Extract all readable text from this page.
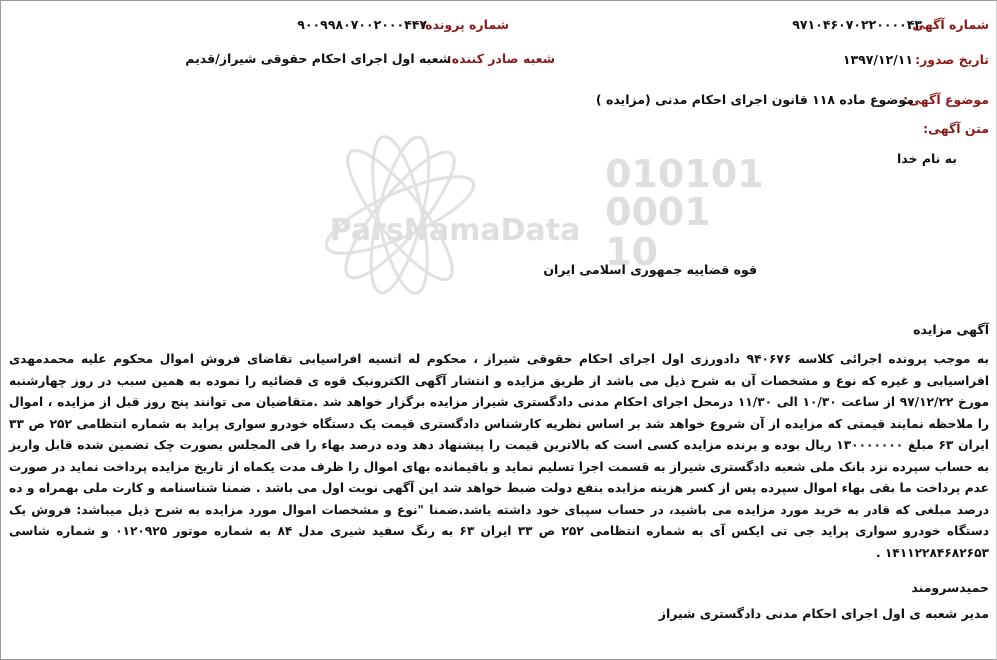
010101
0001
ParsNamaData 10
شماره آگهی:
۹۷۱۰۴۶۰۷۰۲۲۰۰۰۰۴۳
شماره پرونده:
۹۰۰۹۹۸۰۷۰۰۲۰۰۰۴۴۷
تاریخ صدور:
۱۳۹۷/۱۲/۱۱
شعبه صادر کننده:
شعبه اول اجرای احکام حقوقی شیراز/قدیم
موضوع آگهی:
موضوع ماده ۱۱۸ قانون اجرای احکام مدنی (مزایده )
متن آگهی:
به نام خدا
قوه قضاییه جمهوری اسلامی ایران
آگهی مزایده

به موجب پرونده اجرائی کلاسه ۹۴۰۶۷۶ دادورزی اول اجرای احکام حقوقی شیراز ، محکوم له اتسیه افراسیابی تقاضای فروش اموال محکوم علیه محمدمهدی افراسیابی و غیره که نوع و مشخصات آن به شرح ذیل می باشد از طریق مزایده و انتشار آگهی الکترونیک قوه ی قضائیه را نموده به همین سبب در روز چهارشنبه مورخ ۹۷/۱۲/۲۲ از ساعت ۱۰/۳۰ الی ۱۱/۳۰ درمحل اجرای احکام مدنی دادگستری شیراز مزایده برگزار خواهد شد .متقاضیان می توانند پنج روز قبل از مزایده ، اموال را ملاحظه نمایند قیمتی که مزایده از آن شروع خواهد شد بر اساس نظریه کارشناس دادگستری قیمت یک دستگاه خودرو سواری پراید به شماره انتظامی ۲۵۲ ص ۳۳ ایران ۶۳ مبلغ ۱۳۰۰۰۰۰۰۰ ریال بوده و برنده مزایده کسی است که بالاترین قیمت را پیشنهاد دهد وده درصد بهاء را فی المجلس بصورت چک تضمین شده قابل واریز به حساب سپرده نزد بانک ملی شعبه دادگستری شیراز به قسمت اجرا تسلیم نماید و باقیمانده بهای اموال را ظرف مدت یکماه از تاریخ مزایده پرداخت نماید در صورت عدم پرداخت ما بقی بهاء اموال سپرده پس از کسر هزینه مزایده بنفع دولت ضبط خواهد شد این آگهی نوبت اول می باشد . ضمنا شناسنامه و کارت ملی بهمراه و ده درصد مبلغی که قادر به خرید مورد مزایده می باشید، در حساب سپبای خود داشته باشد.ضمنا "نوع و مشخصات اموال مورد مزایده به شرح ذیل میباشد: فروش یک دستگاه خودرو سواری پراید جی تی ایکس آی به شماره انتظامی ۲۵۲ ص ۳۳ ایران ۶۳ به رنگ سفید شیری مدل ۸۴ به شماره موتور ۰۱۲۰۹۲۵ و شماره شاسی ۱۴۱۱۲۲۸۴۶۸۲۶۵۳ .

حمیدسرومند
مدیر شعبه ی اول اجرای احکام مدنی دادگستری شیراز
